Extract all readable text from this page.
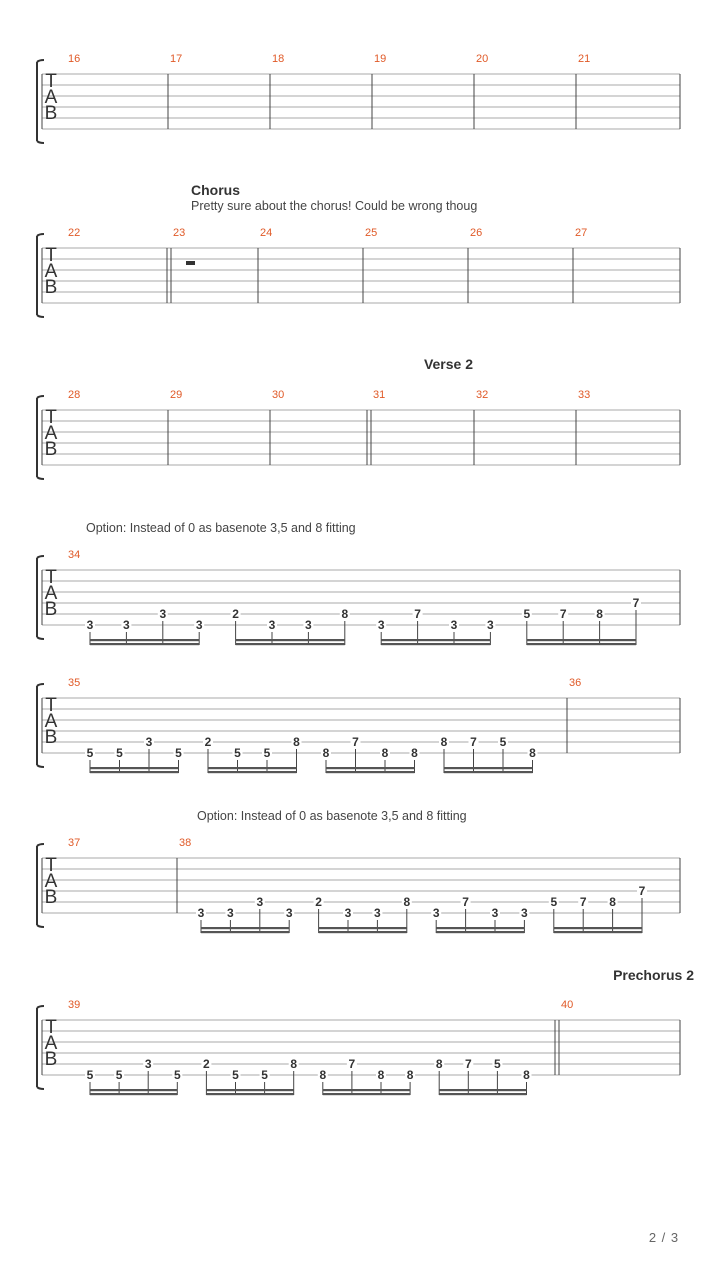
T
A
B
16	17	18	19	20	21
T
A
B
Chorus
Pretty sure about the chorus! Could be wrong thoug
22	23	24	25	26	27
T
A
B
Verse 2
28	29	30	31	32	33
T
A
B
Option: Instead of 0 as basenote 3,5 and 8 fitting
34
3 3
3
3
2
3 3
8
3
7
3 3
5 7 8
7
T
A
B
35
5 5
3
5
2
5 5
8
8
7
8 8
8 7 5
8
36
T
A
B
Option: Instead of 0 as basenote 3,5 and 8 fitting
37	38
3 3
3
3
2
3 3
8
3
7
3 3
5 7 8
7
T
A
B
Prechorus 2
39
5 5
3
5
2
5 5
8
8
7
8 8
8 7 5
8
40
2 / 3
